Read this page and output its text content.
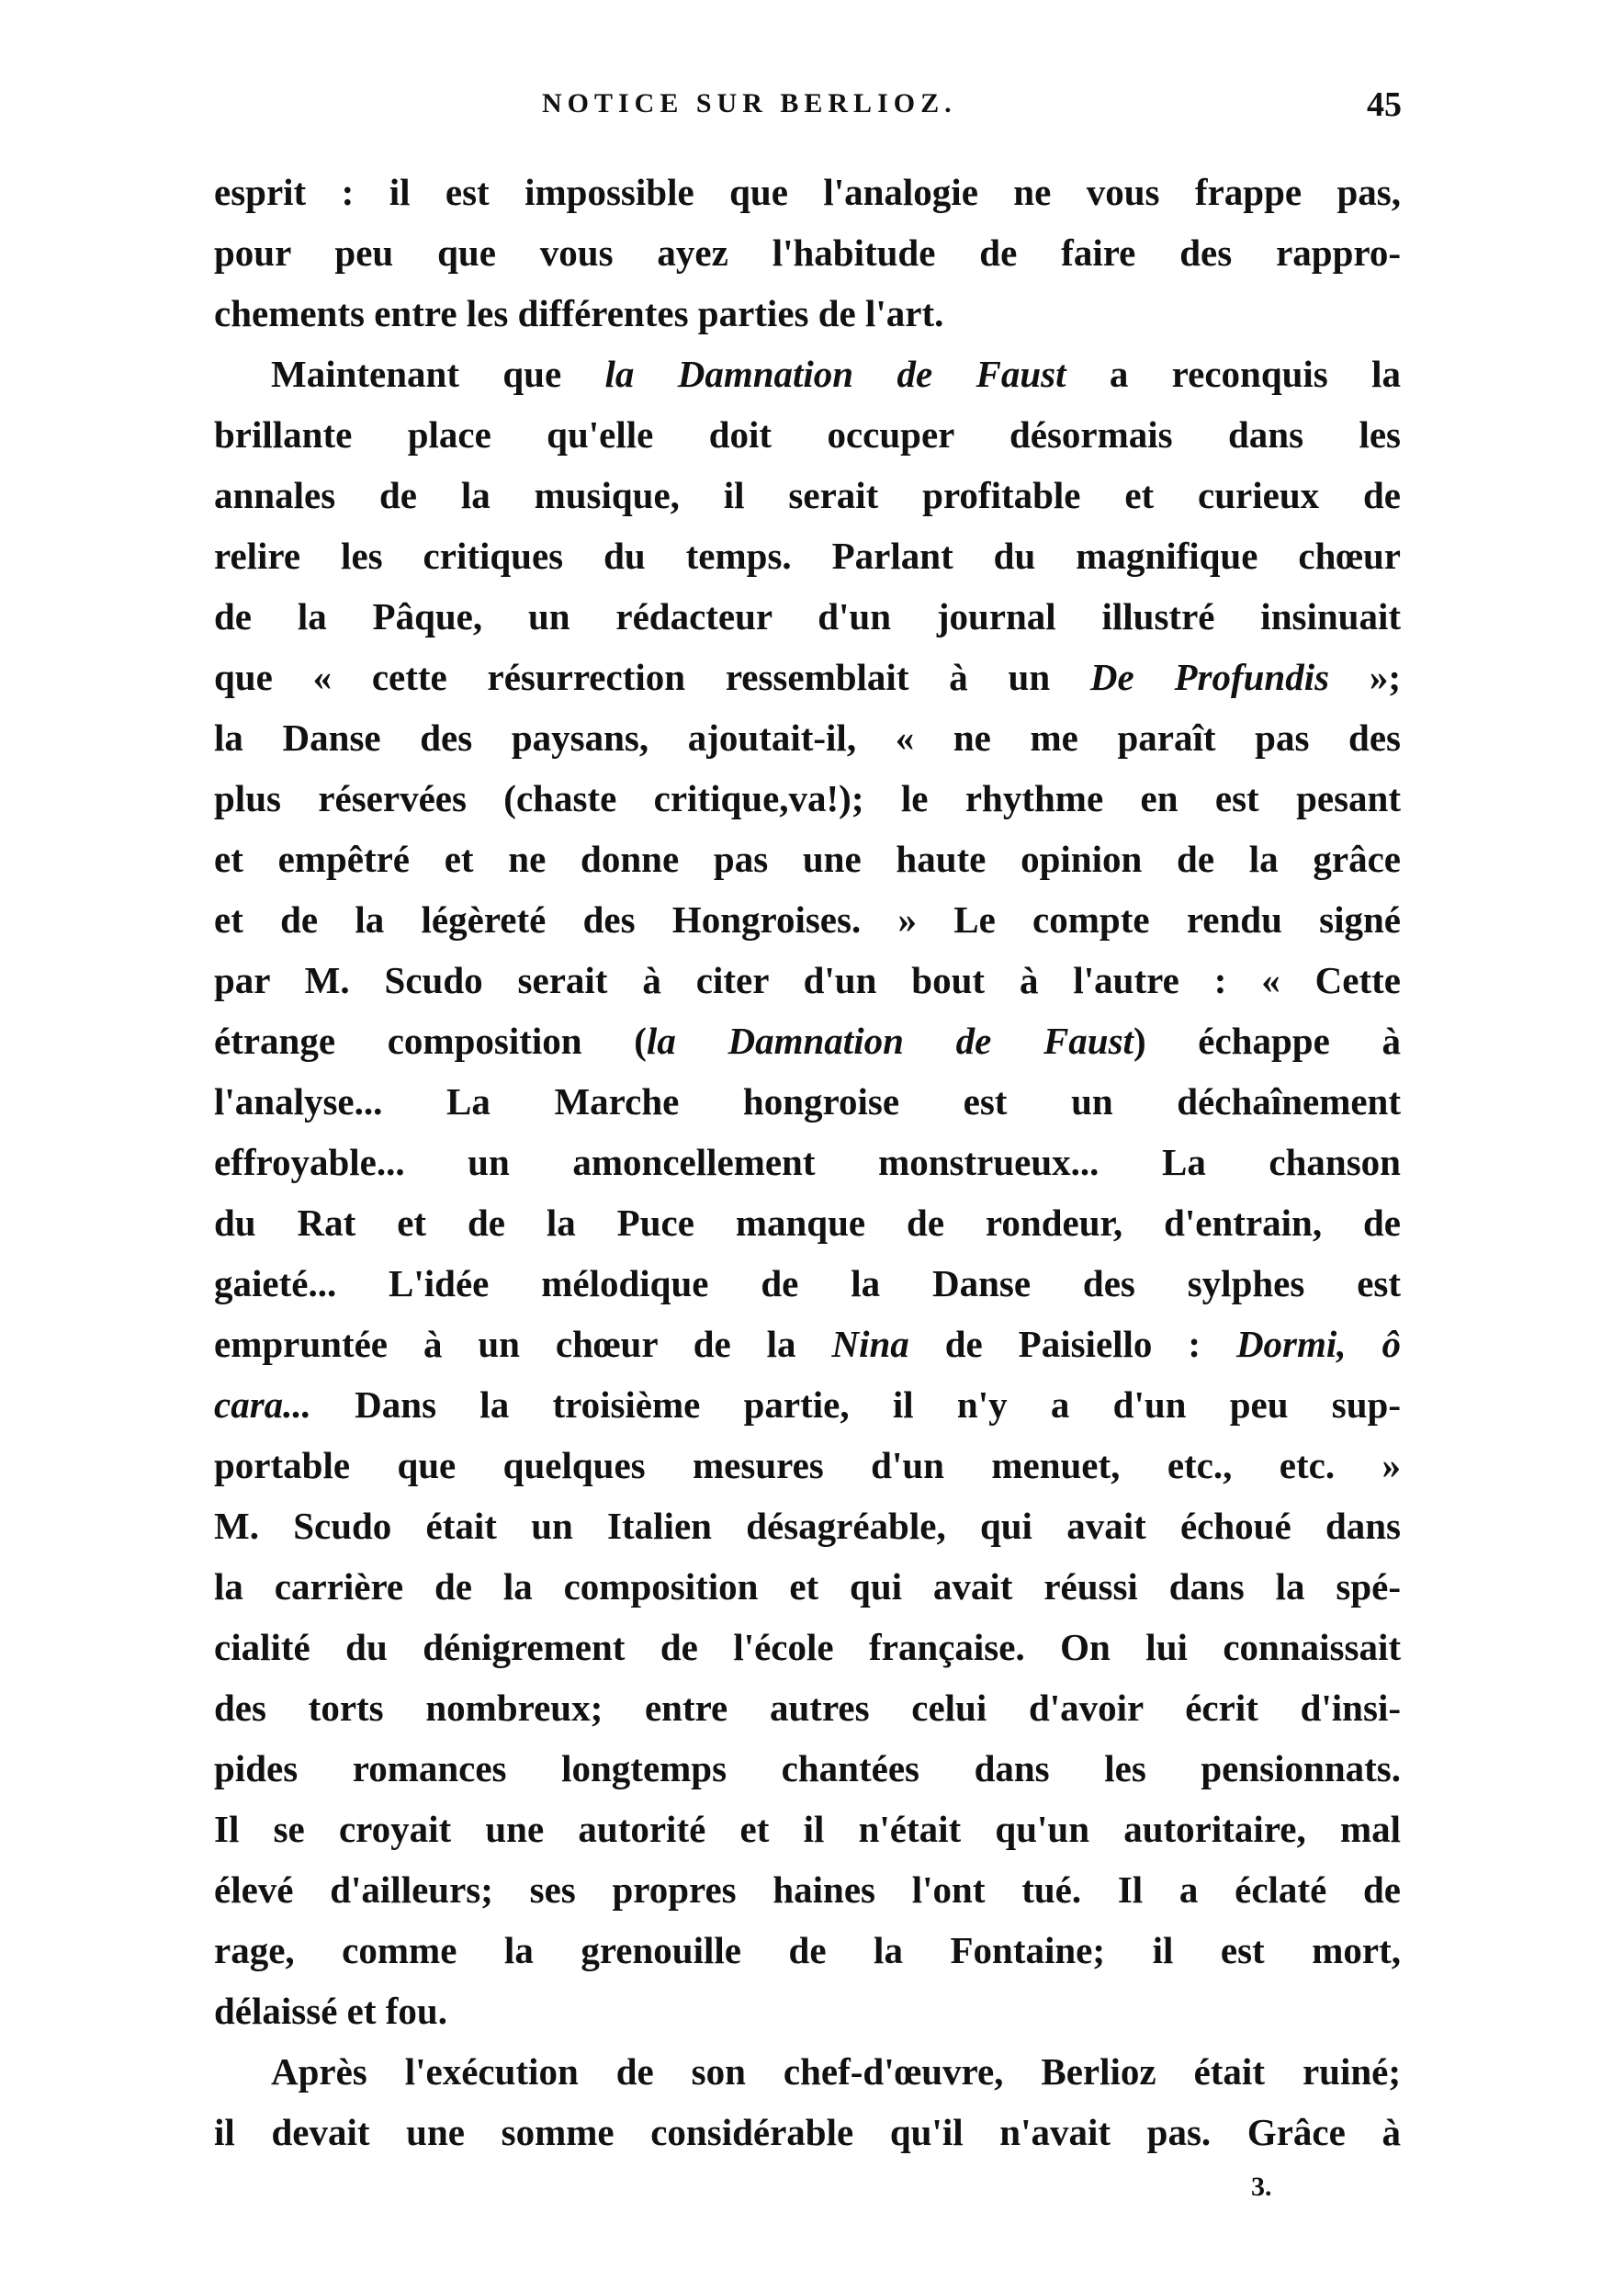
NOTICE SUR BERLIOZ.	45
esprit : il est impossible que l'analogie ne vous frappe pas,
pour peu que vous ayez l'habitude de faire des rappro-
chements entre les différentes parties de l'art.
Maintenant que la Damnation de Faust a reconquis la
brillante place qu'elle doit occuper désormais dans les
annales de la musique, il serait profitable et curieux de
relire les critiques du temps. Parlant du magnifique chœur
de la Pâque, un rédacteur d'un journal illustré insinuait
que « cette résurrection ressemblait à un De Profundis »;
la Danse des paysans, ajoutait-il, « ne me paraît pas des
plus réservées (chaste critique,va!); le rhythme en est pesant
et empêtré et ne donne pas une haute opinion de la grâce
et de la légèreté des Hongroises. » Le compte rendu signé
par M. Scudo serait à citer d'un bout à l'autre : « Cette
étrange composition (la Damnation de Faust) échappe à
l'analyse... La Marche hongroise est un déchaînement
effroyable... un amoncellement monstrueux... La chanson
du Rat et de la Puce manque de rondeur, d'entrain, de
gaieté... L'idée mélodique de la Danse des sylphes est
empruntée à un chœur de la Nina de Paisiello : Dormi, ô
cara... Dans la troisième partie, il n'y a d'un peu sup-
portable que quelques mesures d'un menuet, etc., etc. »
M. Scudo était un Italien désagréable, qui avait échoué dans
la carrière de la composition et qui avait réussi dans la spé-
cialité du dénigrement de l'école française. On lui connaissait
des torts nombreux; entre autres celui d'avoir écrit d'insi-
pides romances longtemps chantées dans les pensionnats.
Il se croyait une autorité et il n'était qu'un autoritaire, mal
élevé d'ailleurs; ses propres haines l'ont tué. Il a éclaté de
rage, comme la grenouille de la Fontaine; il est mort,
délaissé et fou.
Après l'exécution de son chef-d'œuvre, Berlioz était ruiné;
il devait une somme considérable qu'il n'avait pas. Grâce à
3.
